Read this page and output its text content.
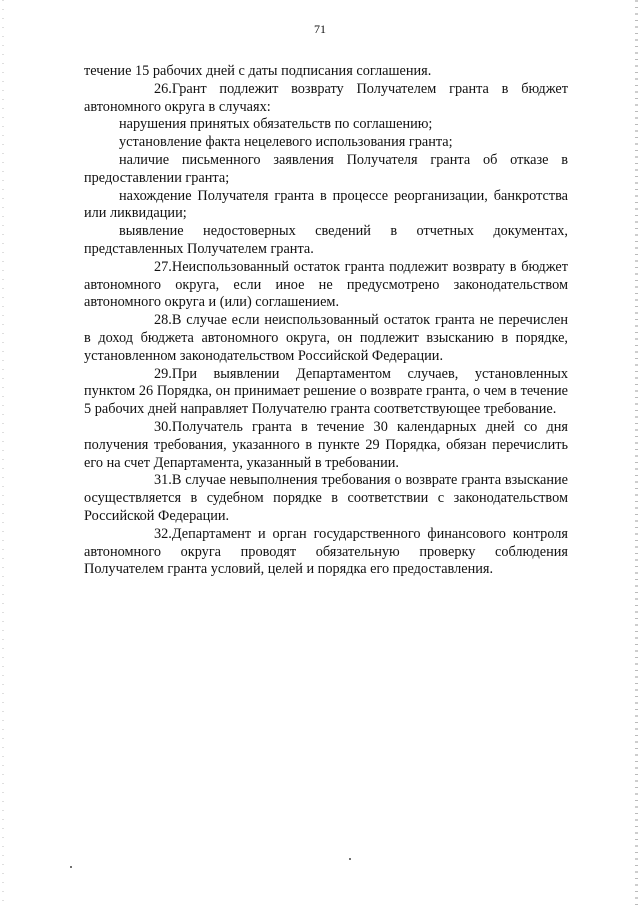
71

течение 15 рабочих дней с даты подписания соглашения.

26.Грант подлежит возврату Получателем гранта в бюджет автономного округа в случаях:

нарушения принятых обязательств по соглашению;

установление факта нецелевого использования гранта;

наличие письменного заявления Получателя гранта об отказе в предоставлении гранта;

нахождение Получателя гранта в процессе реорганизации, банкротства или ликвидации;

выявление недостоверных сведений в отчетных документах, представленных Получателем гранта.

27.Неиспользованный остаток гранта подлежит возврату в бюджет автономного округа, если иное не предусмотрено законодательством автономного округа и (или) соглашением.

28.В случае если неиспользованный остаток гранта не перечислен в доход бюджета автономного округа, он подлежит взысканию в порядке, установленном законодательством Российской Федерации.

29.При выявлении Департаментом случаев, установленных пунктом 26 Порядка, он принимает решение о возврате гранта, о чем в течение 5 рабочих дней направляет Получателю гранта соответствующее требование.

30.Получатель гранта в течение 30 календарных дней со дня получения требования, указанного в пункте 29 Порядка, обязан перечислить его на счет Департамента, указанный в требовании.

31.В случае невыполнения требования о возврате гранта взыскание осуществляется в судебном порядке в соответствии с законодательством Российской Федерации.

32.Департамент и орган государственного финансового контроля автономного округа проводят обязательную проверку соблюдения Получателем гранта условий, целей и порядка его предоставления.
